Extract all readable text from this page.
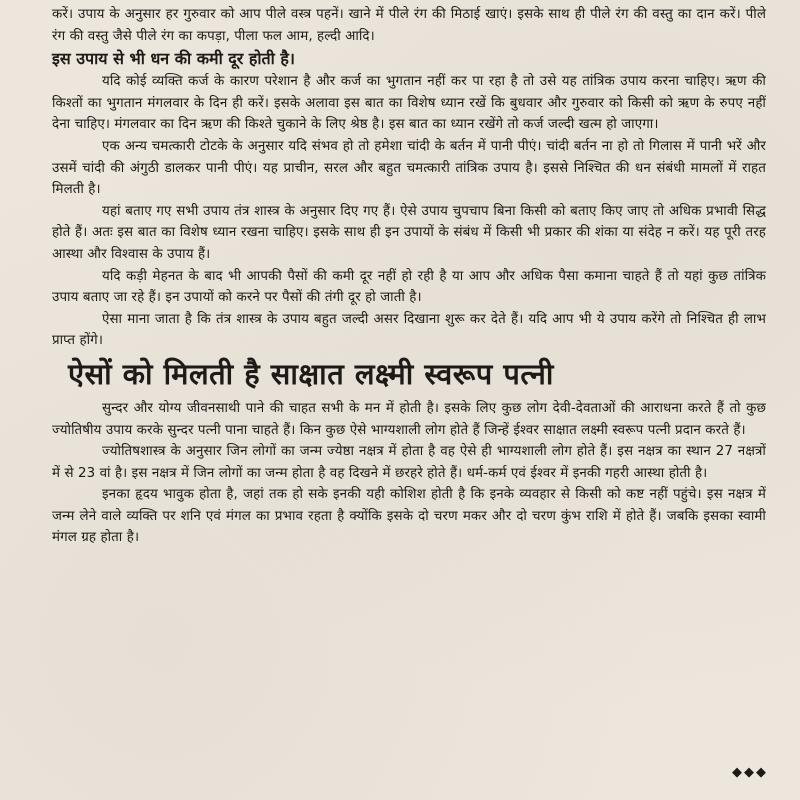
करें। उपाय के अनुसार हर गुरुवार को आप पीले वस्त्र पहनें। खाने में पीले रंग की मिठाई खाएं। इसके साथ ही पीले रंग की वस्तु का दान करें। पीले रंग की वस्तु जैसे पीले रंग का कपड़ा, पीला फल आम, हल्दी आदि।

इस उपाय से भी धन की कमी दूर होती है।

यदि कोई व्यक्ति कर्ज के कारण परेशान है और कर्ज का भुगतान नहीं कर पा रहा है तो उसे यह तांत्रिक उपाय करना चाहिए। ऋण की किश्तों का भुगतान मंगलवार के दिन ही करें। इसके अलावा इस बात का विशेष ध्यान रखें कि बुधवार और गुरुवार को किसी को ऋण के रुपए नहीं देना चाहिए। मंगलवार का दिन ऋण की किश्ते चुकाने के लिए श्रेष्ठ है। इस बात का ध्यान रखेंगे तो कर्ज जल्दी खत्म हो जाएगा।

एक अन्य चमत्कारी टोटके के अनुसार यदि संभव हो तो हमेशा चांदी के बर्तन में पानी पीएं। चांदी बर्तन ना हो तो गिलास में पानी भरें और उसमें चांदी की अंगुठी डालकर पानी पीएं। यह प्राचीन, सरल और बहुत चमत्कारी तांत्रिक उपाय है। इससे निश्चित की धन संबंधी मामलों में राहत मिलती है।

यहां बताए गए सभी उपाय तंत्र शास्त्र के अनुसार दिए गए हैं। ऐसे उपाय चुपचाप बिना किसी को बताए किए जाए तो अधिक प्रभावी सिद्ध होते हैं। अतः इस बात का विशेष ध्यान रखना चाहिए। इसके साथ ही इन उपायों के संबंध में किसी भी प्रकार की शंका या संदेह न करें। यह पूरी तरह आस्था और विश्वास के उपाय हैं।

यदि कड़ी मेहनत के बाद भी आपकी पैसों की कमी दूर नहीं हो रही है या आप और अधिक पैसा कमाना चाहते हैं तो यहां कुछ तांत्रिक उपाय बताए जा रहे हैं। इन उपायों को करने पर पैसों की तंगी दूर हो जाती है।

ऐसा माना जाता है कि तंत्र शास्त्र के उपाय बहुत जल्दी असर दिखाना शुरू कर देते हैं। यदि आप भी ये उपाय करेंगे तो निश्चित ही लाभ प्राप्त होंगे।

ऐसों को मिलती है साक्षात लक्ष्मी स्वरूप पत्नी

सुन्दर और योग्य जीवनसाथी पाने की चाहत सभी के मन में होती है। इसके लिए कुछ लोग देवी-देवताओं की आराधना करते हैं तो कुछ ज्योतिषीय उपाय करके सुन्दर पत्नी पाना चाहते हैं। किन कुछ ऐसे भाग्यशाली लोग होते हैं जिन्हें ईश्वर साक्षात लक्ष्मी स्वरूप पत्नी प्रदान करते हैं।

ज्योतिषशास्त्र के अनुसार जिन लोगों का जन्म ज्येष्ठा नक्षत्र में होता है वह ऐसे ही भाग्यशाली लोग होते हैं। इस नक्षत्र का स्थान 27 नक्षत्रों में से 23 वां है। इस नक्षत्र में जिन लोगों का जन्म होता है वह दिखने में छरहरे होते हैं। धर्म-कर्म एवं ईश्वर में इनकी गहरी आस्था होती है।

इनका हृदय भावुक होता है, जहां तक हो सके इनकी यही कोशिश होती है कि इनके व्यवहार से किसी को कष्ट नहीं पहुंचे। इस नक्षत्र में जन्म लेने वाले व्यक्ति पर शनि एवं मंगल का प्रभाव रहता है क्योंकि इसके दो चरण मकर और दो चरण कुंभ राशि में होते हैं। जबकि इसका स्वामी मंगल ग्रह होता है।

◆◆◆
